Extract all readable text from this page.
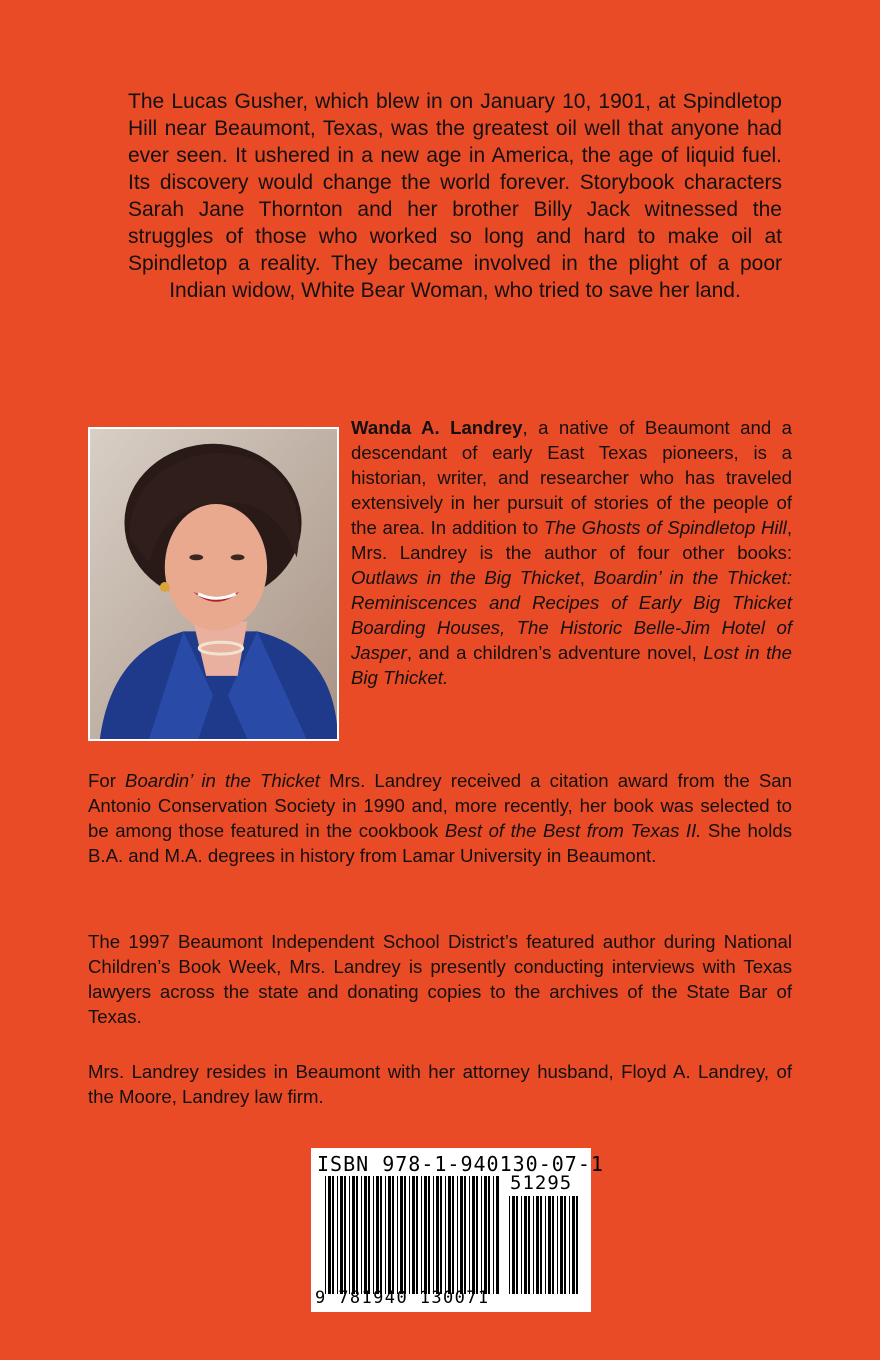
The Lucas Gusher, which blew in on January 10, 1901, at Spindletop Hill near Beaumont, Texas, was the greatest oil well that anyone had ever seen. It ushered in a new age in America, the age of liquid fuel. Its discovery would change the world forever. Storybook characters Sarah Jane Thornton and her brother Billy Jack witnessed the struggles of those who worked so long and hard to make oil at Spindletop a reality. They became involved in the plight of a poor Indian widow, White Bear Woman, who tried to save her land.

Wanda A. Landrey, a native of Beaumont and a descendant of early East Texas pioneers, is a historian, writer, and researcher who has traveled extensively in her pursuit of stories of the people of the area. In addition to The Ghosts of Spindletop Hill, Mrs. Landrey is the author of four other books: Outlaws in the Big Thicket, Boardin’ in the Thicket: Reminiscences and Recipes of Early Big Thicket Boarding Houses, The Historic Belle-Jim Hotel of Jasper, and a children’s adventure novel, Lost in the Big Thicket.

For Boardin’ in the Thicket Mrs. Landrey received a citation award from the San Antonio Conservation Society in 1990 and, more recently, her book was selected to be among those featured in the cookbook Best of the Best from Texas II. She holds B.A. and M.A. degrees in history from Lamar University in Beaumont.

The 1997 Beaumont Independent School District’s featured author during National Children’s Book Week, Mrs. Landrey is presently conducting interviews with Texas lawyers across the state and donating copies to the archives of the State Bar of Texas.

Mrs. Landrey resides in Beaumont with her attorney husband, Floyd A. Landrey, of the Moore, Landrey law firm.

ISBN 978-1-940130-07-1
51295
9 781940 130071
